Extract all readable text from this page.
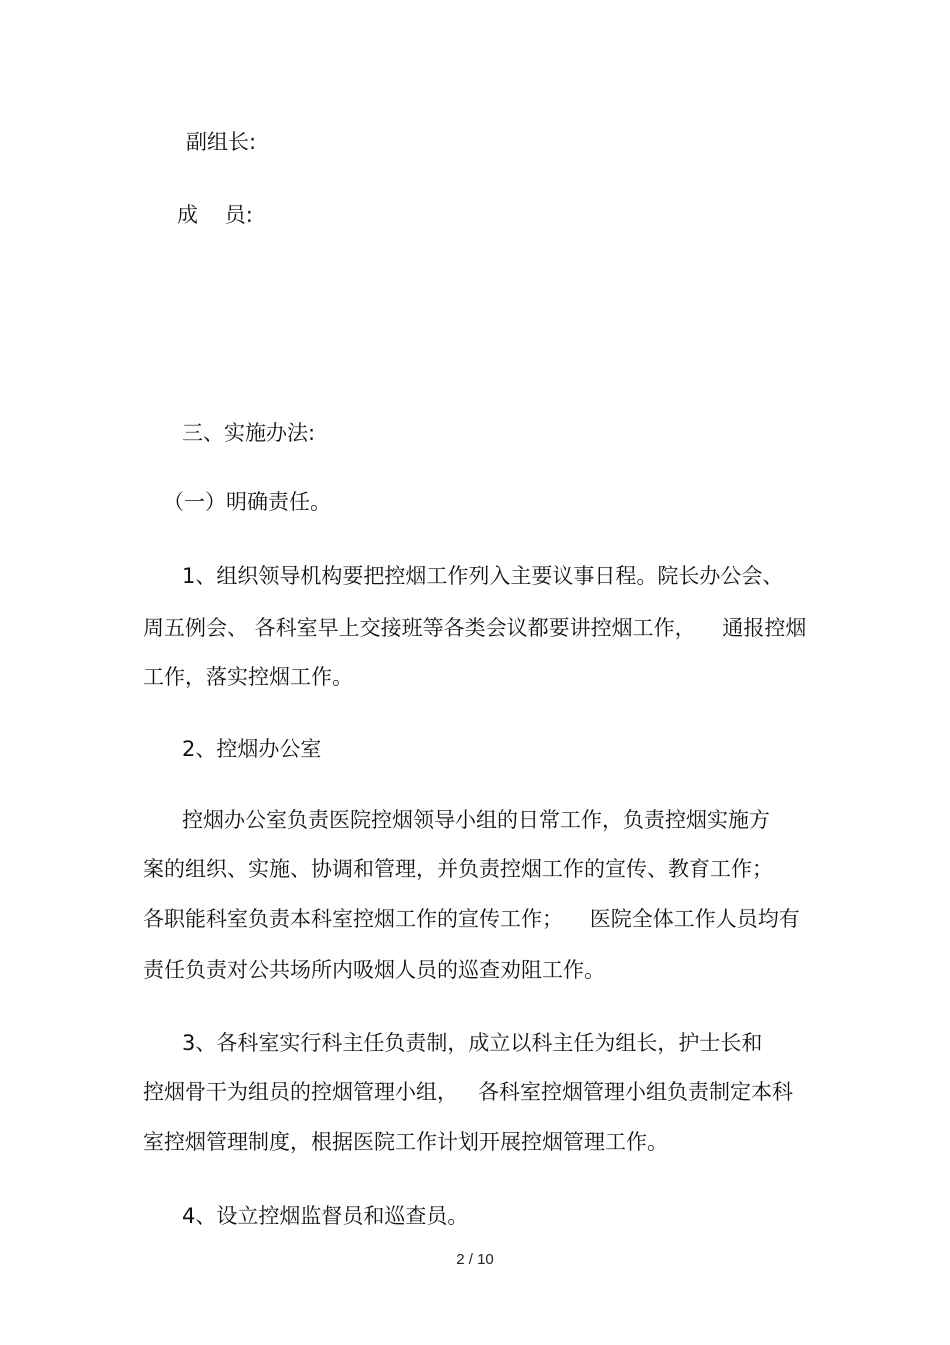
副组长:

成    员:

三、实施办法:

（一）明确责任。

1、组织领导机构要把控烟工作列入主要议事日程。院长办公会、

周五例会、 各科室早上交接班等各类会议都要讲控烟工作，    通报控烟

工作，落实控烟工作。

2、控烟办公室

控烟办公室负责医院控烟领导小组的日常工作，负责控烟实施方

案的组织、实施、协调和管理，并负责控烟工作的宣传、教育工作；

各职能科室负责本科室控烟工作的宣传工作；    医院全体工作人员均有

责任负责对公共场所内吸烟人员的巡查劝阻工作。

3、各科室实行科主任负责制，成立以科主任为组长，护士长和

控烟骨干为组员的控烟管理小组，   各科室控烟管理小组负责制定本科

室控烟管理制度，根据医院工作计划开展控烟管理工作。

4、设立控烟监督员和巡查员。

2 / 10
